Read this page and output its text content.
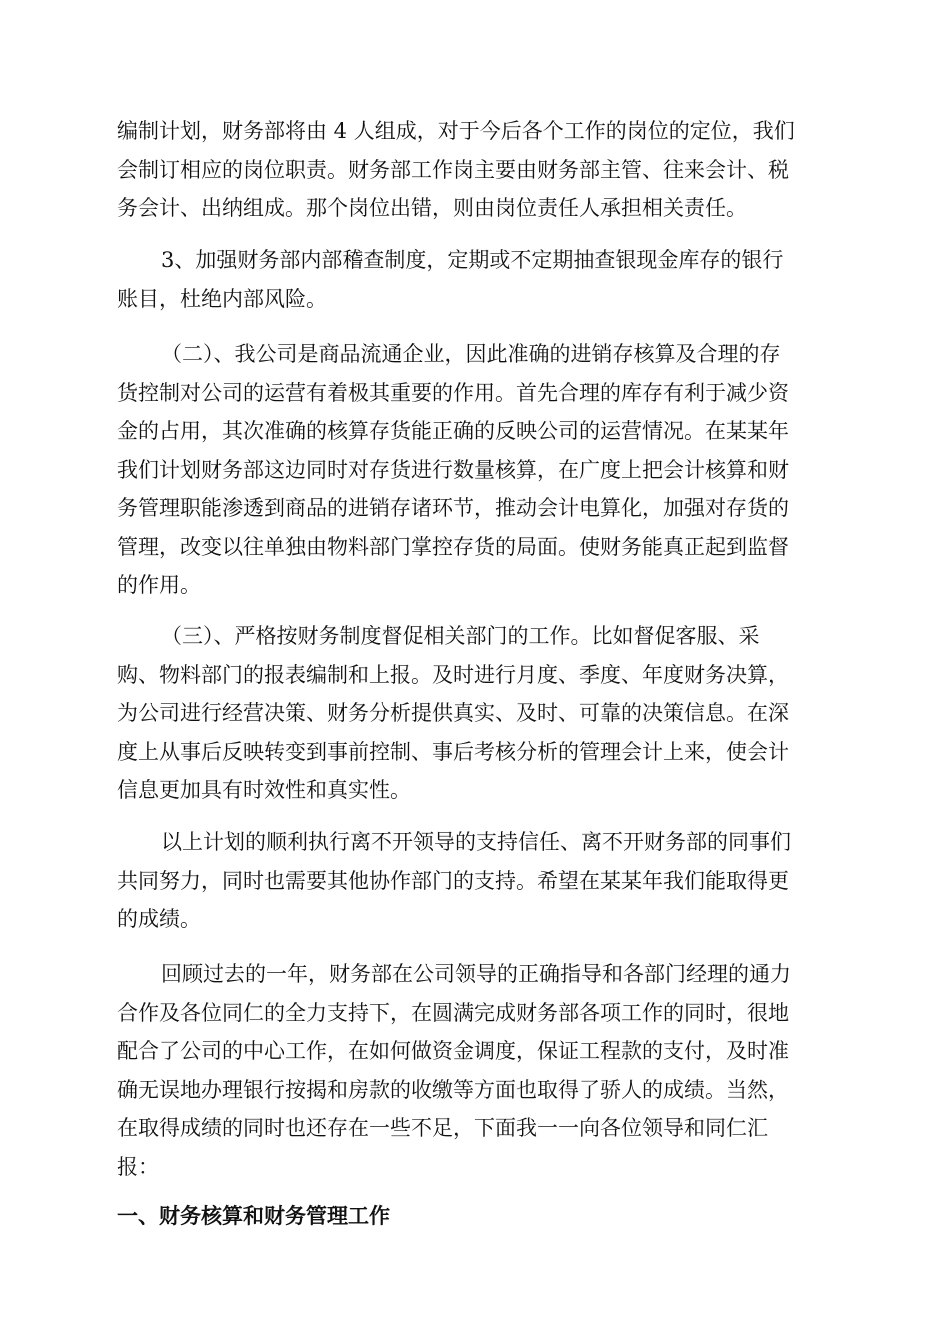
编制计划，财务部将由 4 人组成，对于今后各个工作的岗位的定位，我们
会制订相应的岗位职责。财务部工作岗主要由财务部主管、往来会计、税
务会计、出纳组成。那个岗位出错，则由岗位责任人承担相关责任。

3、加强财务部内部稽查制度，定期或不定期抽查银现金库存的银行
账目，杜绝内部风险。

（二）、我公司是商品流通企业，因此准确的进销存核算及合理的存
货控制对公司的运营有着极其重要的作用。首先合理的库存有利于减少资
金的占用，其次准确的核算存货能正确的反映公司的运营情况。在某某年
我们计划财务部这边同时对存货进行数量核算，在广度上把会计核算和财
务管理职能渗透到商品的进销存诸环节，推动会计电算化，加强对存货的
管理，改变以往单独由物料部门掌控存货的局面。使财务能真正起到监督
的作用。

（三）、严格按财务制度督促相关部门的工作。比如督促客服、采
购、物料部门的报表编制和上报。及时进行月度、季度、年度财务决算，
为公司进行经营决策、财务分析提供真实、及时、可靠的决策信息。在深
度上从事后反映转变到事前控制、事后考核分析的管理会计上来，使会计
信息更加具有时效性和真实性。

以上计划的顺利执行离不开领导的支持信任、离不开财务部的同事们
共同努力，同时也需要其他协作部门的支持。希望在某某年我们能取得更
的成绩。

回顾过去的一年，财务部在公司领导的正确指导和各部门经理的通力
合作及各位同仁的全力支持下，在圆满完成财务部各项工作的同时，很地
配合了公司的中心工作，在如何做资金调度，保证工程款的支付，及时准
确无误地办理银行按揭和房款的收缴等方面也取得了骄人的成绩。当然，
在取得成绩的同时也还存在一些不足，下面我一一向各位领导和同仁汇
报：

一、财务核算和财务管理工作
